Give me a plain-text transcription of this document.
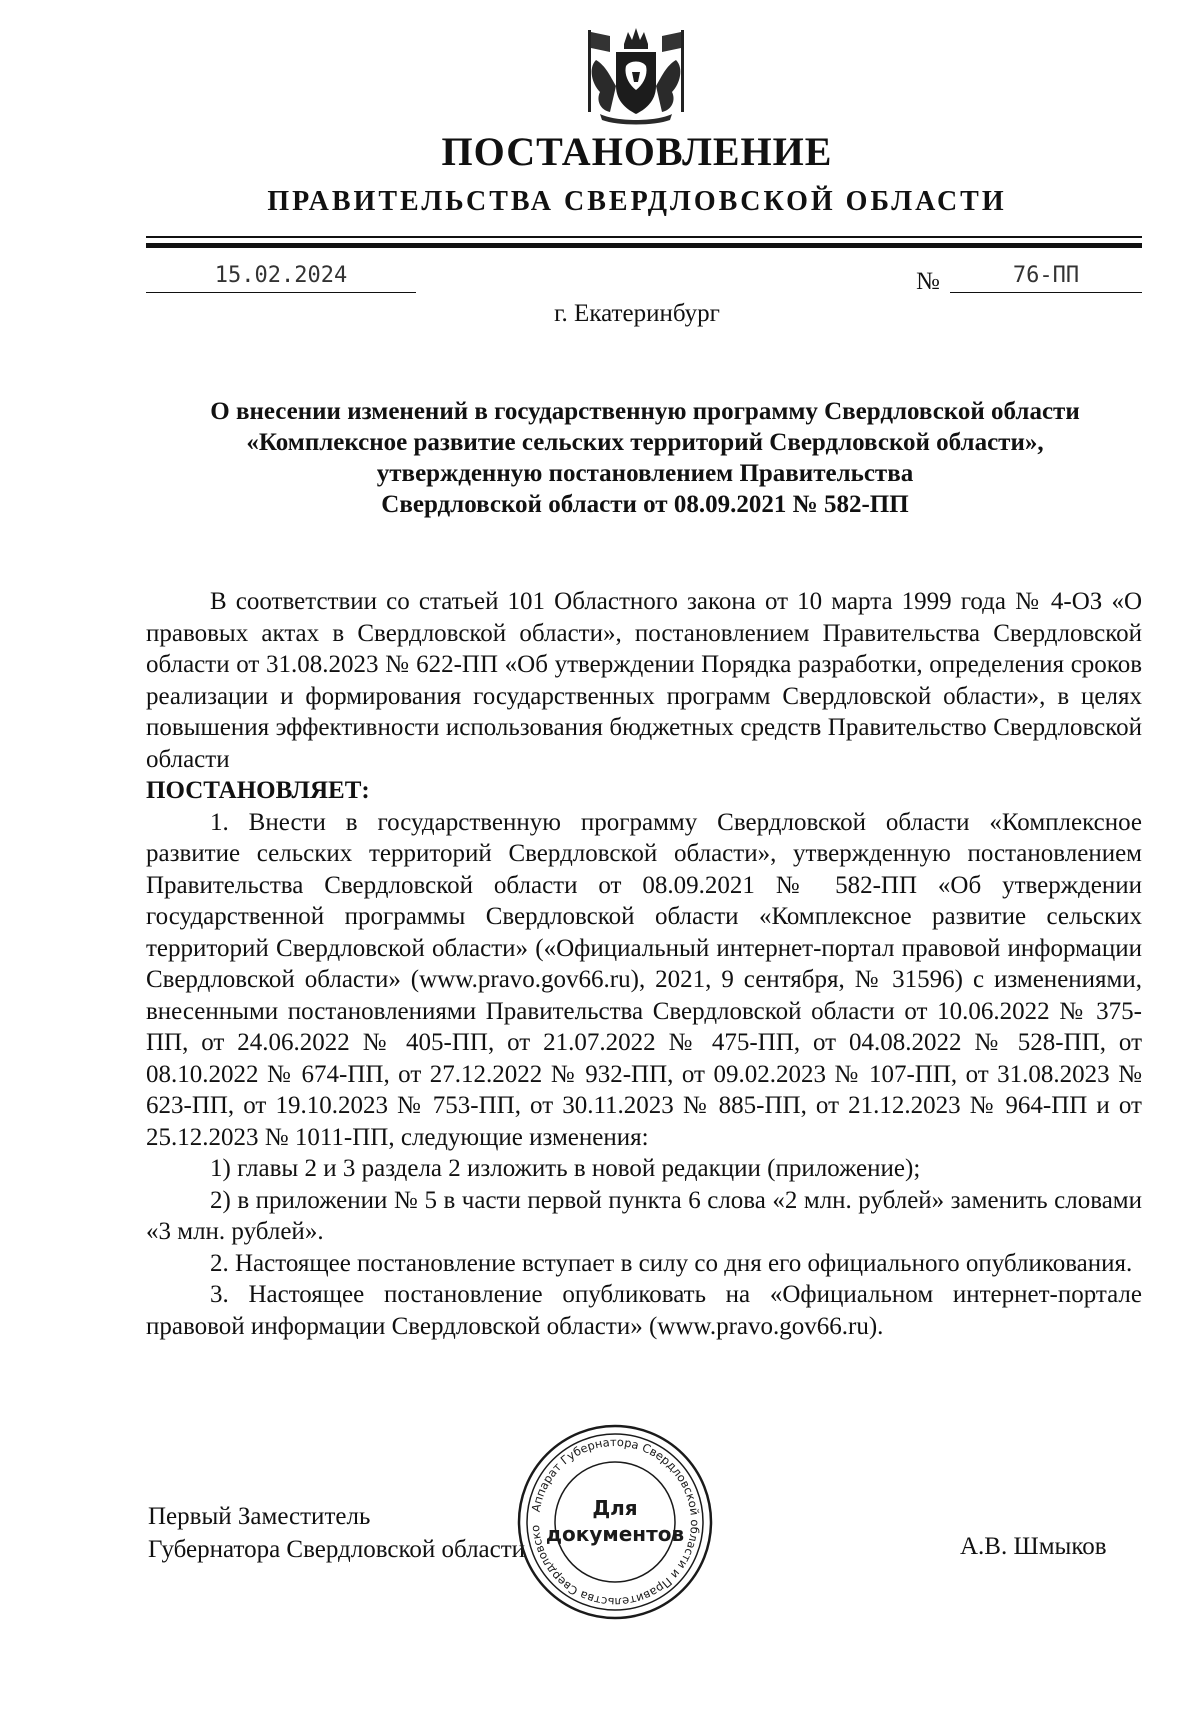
ПОСТАНОВЛЕНИЕ
ПРАВИТЕЛЬСТВА СВЕРДЛОВСКОЙ ОБЛАСТИ
15.02.2024	№	76-ПП
г. Екатеринбург
О внесении изменений в государственную программу Свердловской области
«Комплексное развитие сельских территорий Свердловской области»,
утвержденную постановлением Правительства
Свердловской области от 08.09.2021 № 582-ПП

В соответствии со статьей 101 Областного закона от 10 марта 1999 года № 4-ОЗ «О правовых актах в Свердловской области», постановлением Правительства Свердловской области от 31.08.2023 № 622-ПП «Об утверждении Порядка разработки, определения сроков реализации и формирования государственных программ Свердловской области», в целях повышения эффективности использования бюджетных средств Правительство Свердловской области

ПОСТАНОВЛЯЕТ:

1. Внести в государственную программу Свердловской области «Комплексное развитие сельских территорий Свердловской области», утвержденную постановлением Правительства Свердловской области от 08.09.2021 № 582-ПП «Об утверждении государственной программы Свердловской области «Комплексное развитие сельских территорий Свердловской области» («Официальный интернет-портал правовой информации Свердловской области» (www.pravo.gov66.ru), 2021, 9 сентября, № 31596) с изменениями, внесенными постановлениями Правительства Свердловской области от 10.06.2022 № 375-ПП, от 24.06.2022 № 405-ПП, от 21.07.2022 № 475-ПП, от 04.08.2022 № 528-ПП, от 08.10.2022 № 674-ПП, от 27.12.2022 № 932-ПП, от 09.02.2023 № 107-ПП, от 31.08.2023 № 623-ПП, от 19.10.2023 № 753-ПП, от 30.11.2023 № 885-ПП, от 21.12.2023 № 964-ПП и от 25.12.2023 № 1011-ПП, следующие изменения:

1) главы 2 и 3 раздела 2 изложить в новой редакции (приложение);

2) в приложении № 5 в части первой пункта 6 слова «2 млн. рублей» заменить словами «3 млн. рублей».

2. Настоящее постановление вступает в силу со дня его официального опубликования.

3. Настоящее постановление опубликовать на «Официальном интернет-портале правовой информации Свердловской области» (www.pravo.gov66.ru).

Первый Заместитель
Губернатора Свердловской области	А.В. Шмыков
Аппарат Губернатора Свердловской области и Правительства Свердловско
Для
документов
